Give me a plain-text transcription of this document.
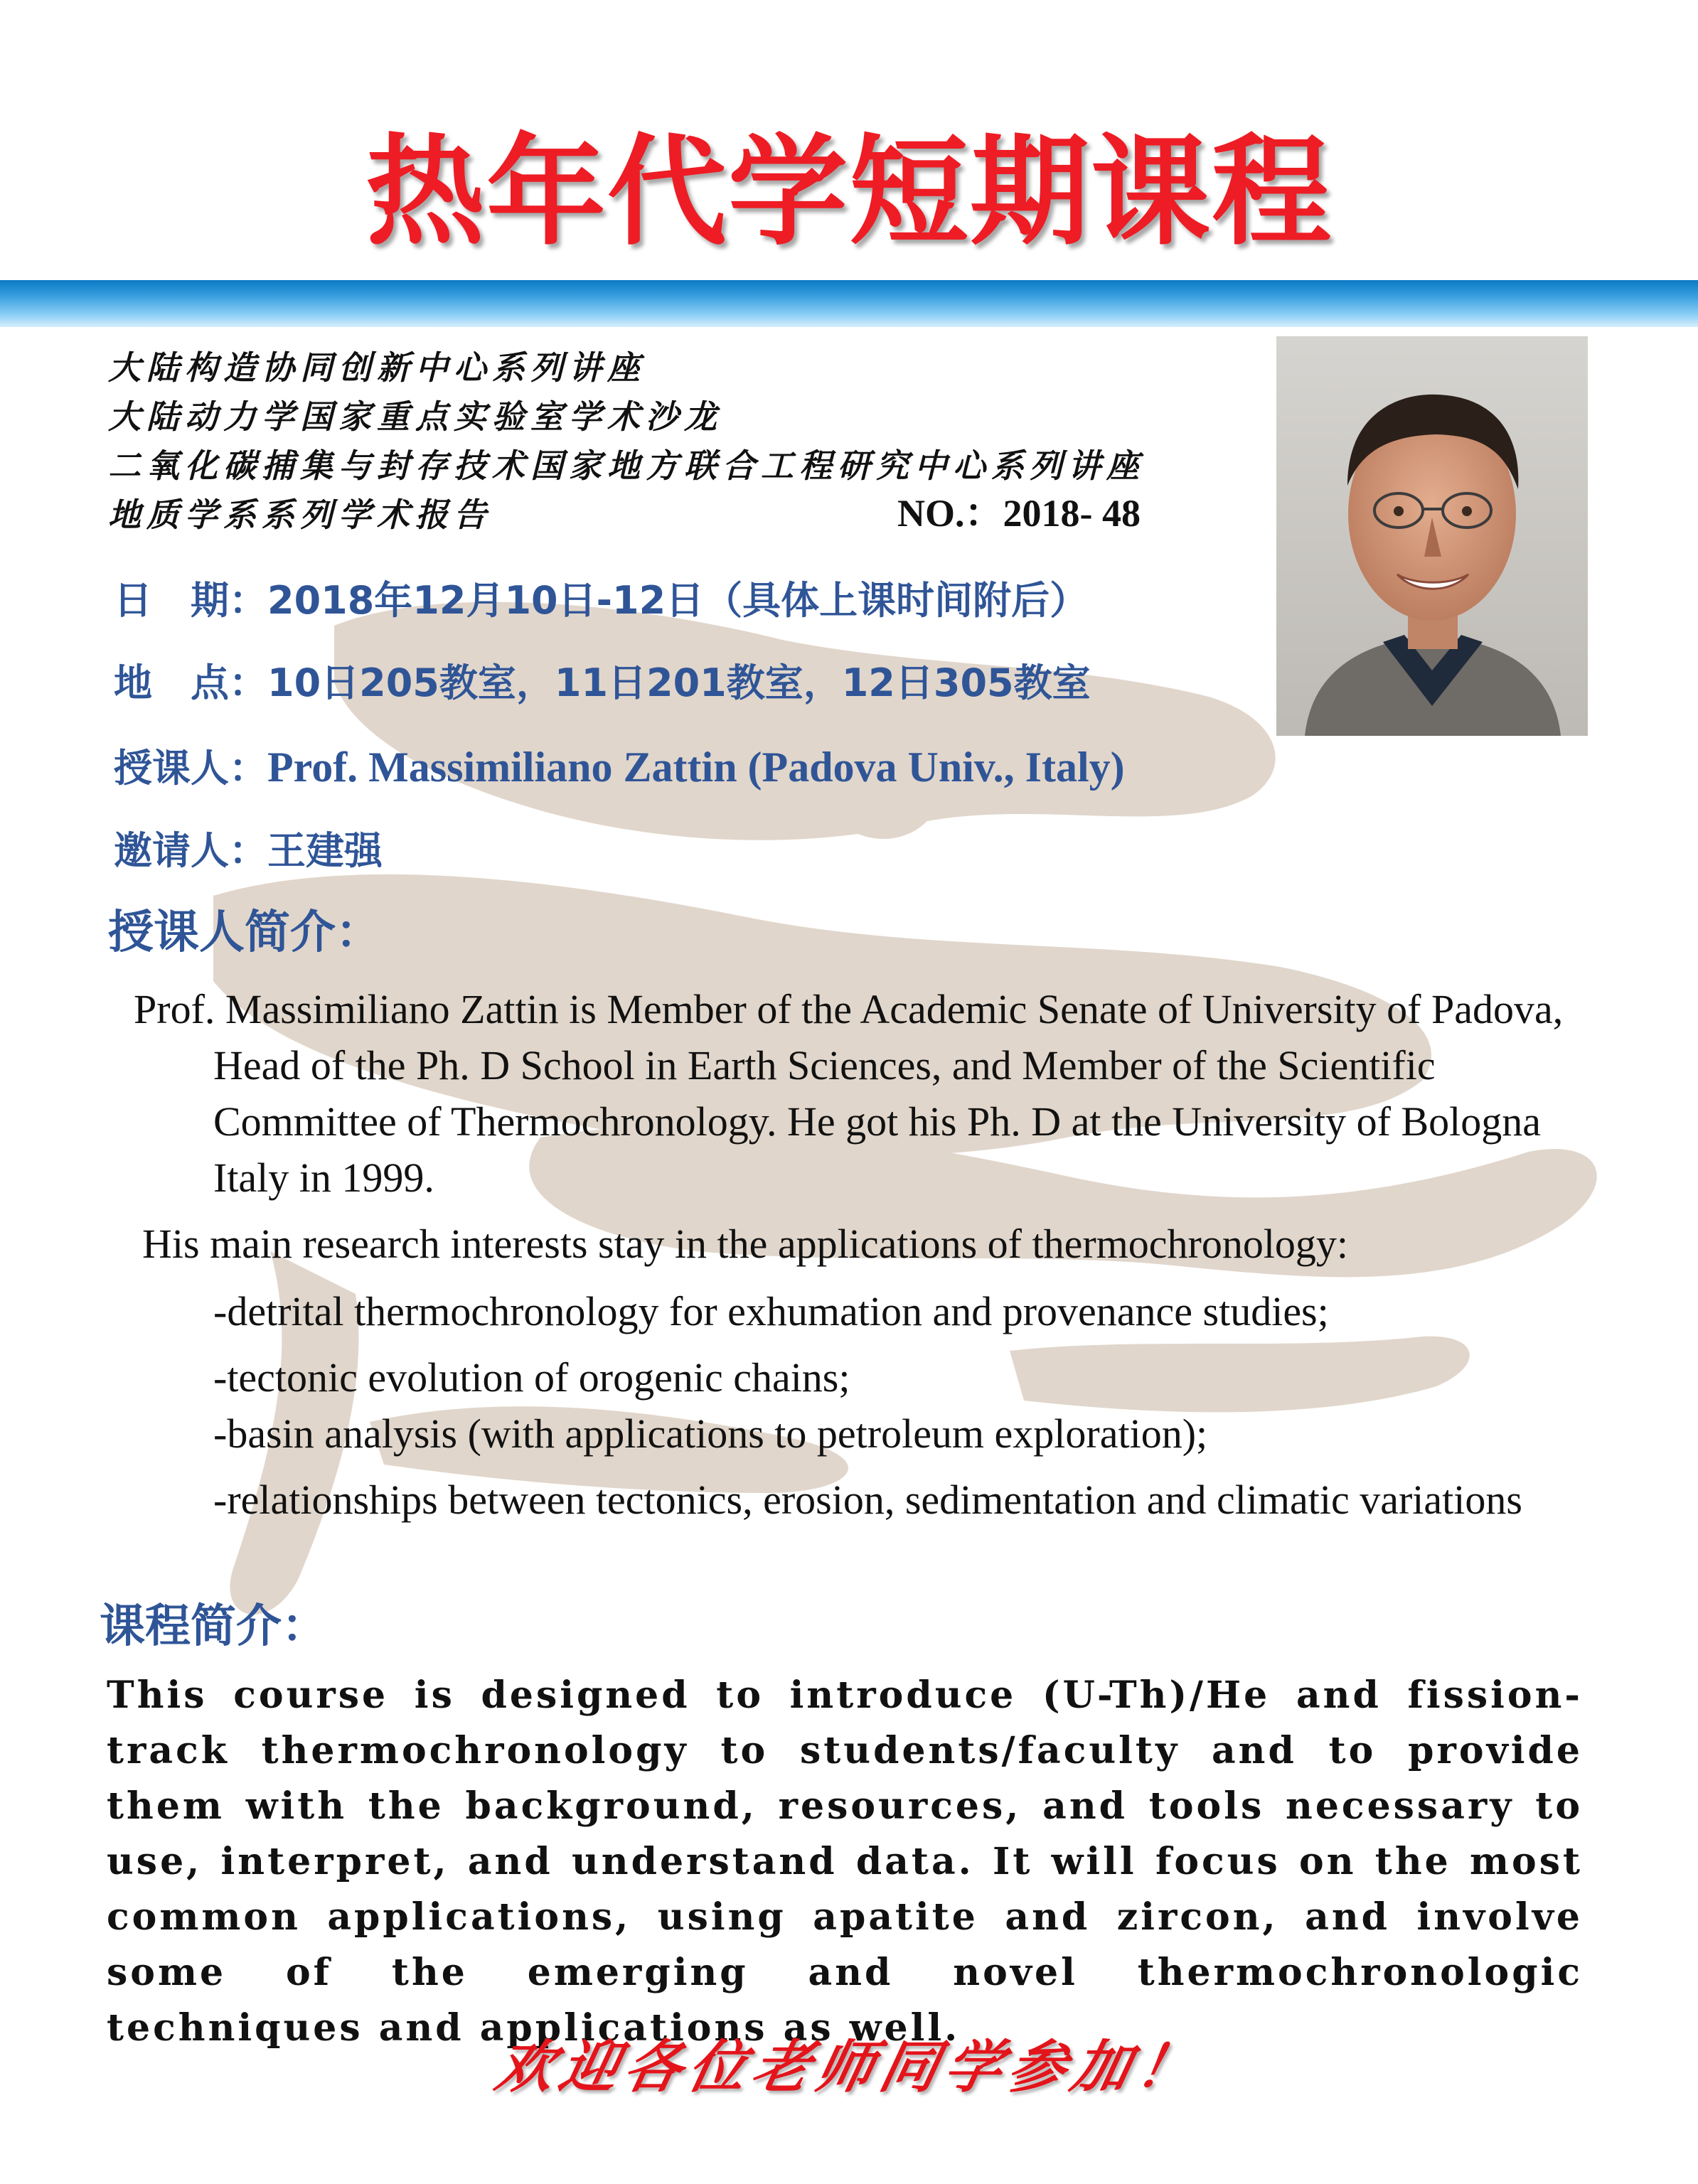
热年代学短期课程
大陆构造协同创新中心系列讲座
大陆动力学国家重点实验室学术沙龙
二氧化碳捕集与封存技术国家地方联合工程研究中心系列讲座
地质学系系列学术报告	NO.：2018- 48
日　期：2018年12月10日-12日（具体上课时间附后）
地　点：10日205教室，11日201教室，12日305教室
授课人：Prof. Massimiliano Zattin (Padova Univ., Italy)
邀请人：王建强
授课人简介：
Prof. Massimiliano Zattin is Member of the Academic Senate of University of Padova, Head of the Ph. D School in Earth Sciences, and Member of the Scientific Committee of Thermochronology. He got his Ph. D at the University of Bologna Italy in 1999.
His main research interests stay in the applications of thermochronology:
-detrital thermochronology for exhumation and provenance studies;
-tectonic evolution of orogenic chains;
-basin analysis (with applications to petroleum exploration);
-relationships between tectonics, erosion, sedimentation and climatic variations
课程简介：
This course is designed to introduce (U-Th)/He and fission-track thermochronology to students/faculty and to provide them with the background, resources, and tools necessary to use, interpret, and understand data. It will focus on the most common applications, using apatite and zircon, and involve some of the emerging and novel thermochronologic techniques and applications as well.
欢迎各位老师同学参加！
